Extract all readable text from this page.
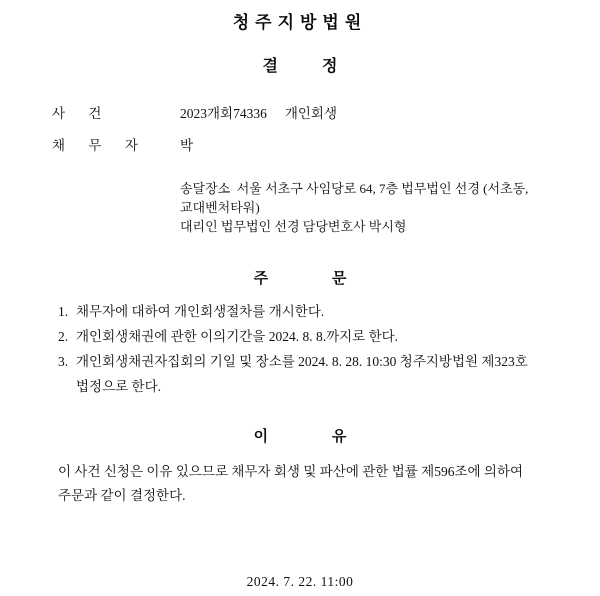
청주지방법원
결정
사 건	2023개회74336 개인회생
채 무 자	박
송달장소  서울 서초구 사임당로 64, 7층 법무법인 선경 (서초동,
교대벤처타워)
대리인 법무법인 선경 담당변호사 박시형
주 문
1. 채무자에 대하여 개인회생절차를 개시한다.
2. 개인회생채권에 관한 이의기간을 2024. 8. 8.까지로 한다.
3. 개인회생채권자집회의 기일 및 장소를 2024. 8. 28. 10:30 청주지방법원 제323호
법정으로 한다.
이 유
이 사건 신청은 이유 있으므로 채무자 회생 및 파산에 관한 법률 제596조에 의하여
주문과 같이 결정한다.
2024. 7. 22. 11:00
